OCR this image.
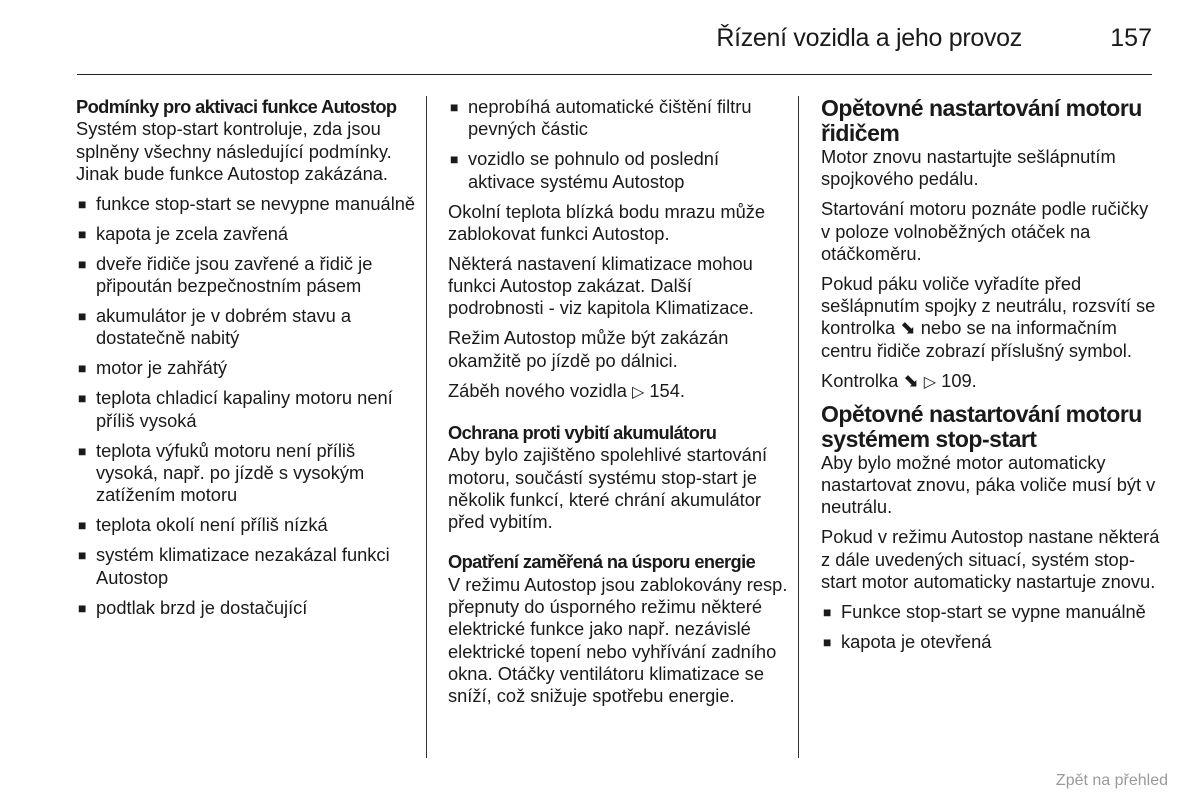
Řízení vozidla a jeho provoz	157

Podmínky pro aktivaci funkce Autostop

Systém stop-start kontroluje, zda jsou splněny všechny následující podmínky. Jinak bude funkce Autostop zakázána.

■ funkce stop-start se nevypne manuálně
■ kapota je zcela zavřená
■ dveře řidiče jsou zavřené a řidič je připoután bezpečnostním pásem
■ akumulátor je v dobrém stavu a dostatečně nabitý
■ motor je zahřátý
■ teplota chladicí kapaliny motoru není příliš vysoká
■ teplota výfuků motoru není příliš vysoká, např. po jízdě s vysokým zatížením motoru
■ teplota okolí není příliš nízká
■ systém klimatizace nezakázal funkci Autostop
■ podtlak brzd je dostačující
■ neprobíhá automatické čištění filtru pevných částic
■ vozidlo se pohnulo od poslední aktivace systému Autostop

Okolní teplota blízká bodu mrazu může zablokovat funkci Autostop.

Některá nastavení klimatizace mohou funkci Autostop zakázat. Další podrobnosti - viz kapitola Klimatizace.

Režim Autostop může být zakázán okamžitě po jízdě po dálnici.

Záběh nového vozidla ▷ 154.

Ochrana proti vybití akumulátoru

Aby bylo zajištěno spolehlivé startování motoru, součástí systému stop-start je několik funkcí, které chrání akumulátor před vybitím.

Opatření zaměřená na úsporu energie

V režimu Autostop jsou zablokovány resp. přepnuty do úsporného režimu některé elektrické funkce jako např. nezávislé elektrické topení nebo vyhřívání zadního okna. Otáčky ventilátoru klimatizace se sníží, což snižuje spotřebu energie.

Opětovné nastartování motoru řidičem

Motor znovu nastartujte sešlápnutím spojkového pedálu.

Startování motoru poznáte podle ručičky v poloze volnoběžných otáček na otáčkoměru.

Pokud páku voliče vyřadíte před sešlápnutím spojky z neutrálu, rozsvítí se kontrolka ⬊ nebo se na informačním centru řidiče zobrazí příslušný symbol.

Kontrolka ⬊ ▷ 109.

Opětovné nastartování motoru systémem stop-start

Aby bylo možné motor automaticky nastartovat znovu, páka voliče musí být v neutrálu.

Pokud v režimu Autostop nastane některá z dále uvedených situací, systém stop-start motor automaticky nastartuje znovu.

■ Funkce stop-start se vypne manuálně
■ kapota je otevřená
Zpět na přehled
